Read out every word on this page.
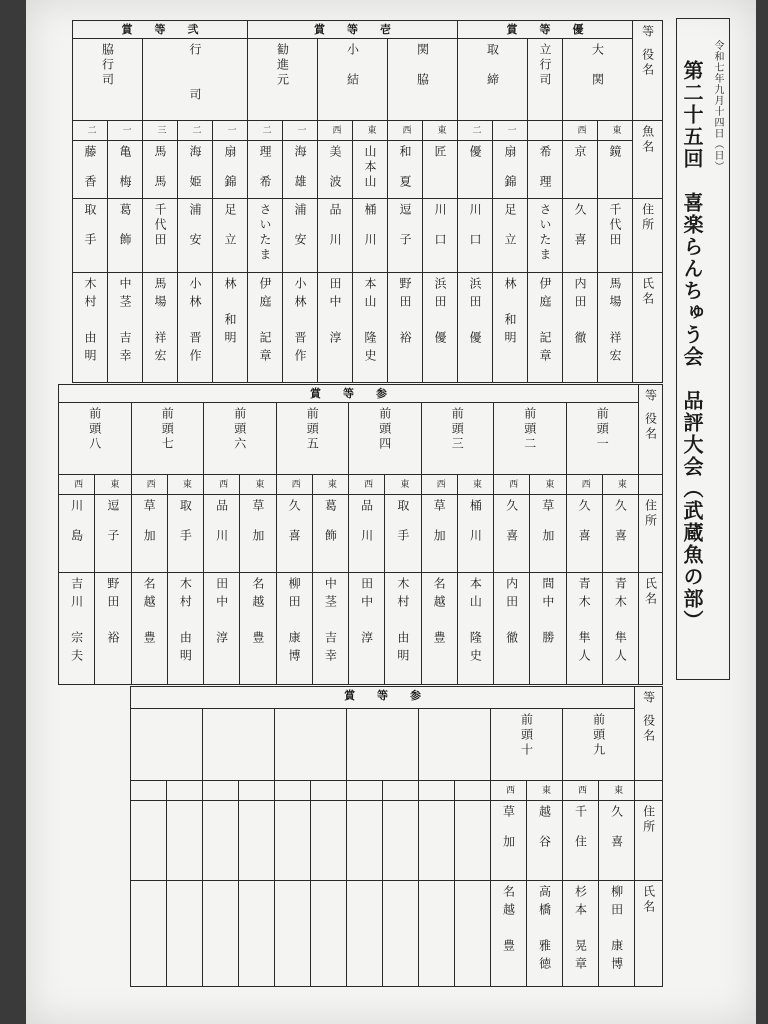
令和七年九月十四日（日）
第二十五回　喜楽らんちゅう会　品評大会（武蔵魚の部）
賞　　等　　弐					賞　　等　　壱						賞　　等　　優					等
役名
脇行司		行　　司			勧進元		小　結		関　脇		取　締		立行司	大　関		
二	一	三	二	一	二	一	西	東	西	東	二	一		西	東	魚名
藤　香	亀　梅	馬　馬	海　姫	扇　錦	理　希	海　雄	美　波	山本山	和　夏	匠	優	扇　錦	希　理	京	鏡	
取　手	葛　飾	千代田	浦　安	足　立	さいたま	浦　安	品　川	桶　川	逗　子	川　口	川　口	足　立	さいたま	久　喜	千代田	住所
木村　由明	中茎　吉幸	馬場　祥宏	小林　晋作	林　和明	伊庭　記章	小林　晋作	田中　淳	本山　隆史	野田　裕	浜田　優	浜田　優	林　和明	伊庭　記章	内田　徹	馬場　祥宏	氏名
賞　　等　　参																等
役名
前頭八		前頭七		前頭六		前頭五		前頭四		前頭三		前頭二		前頭一		
西	東	西	東	西	東	西	東	西	東	西	東	西	東	西	東	
川　島	逗　子	草　加	取　手	品　川	草　加	久　喜	葛　飾	品　川	取　手	草　加	桶　川	久　喜	草　加	久　喜	久　喜	住所
吉川　宗夫	野田　裕	名越　豊	木村　由明	田中　淳	名越　豊	柳田　康博	中茎　吉幸	田中　淳	木村　由明	名越　豊	本山　隆史	内田　徹	間中　勝	青木　隼人	青木　隼人	氏名
賞　　等　　参														等
役名
										前頭十		前頭九		
										西	東	西	東	
										草　加	越　谷	千　住	久　喜	住所
										名越　豊	高橋　雅徳	杉本　晃章	柳田　康博	氏名
